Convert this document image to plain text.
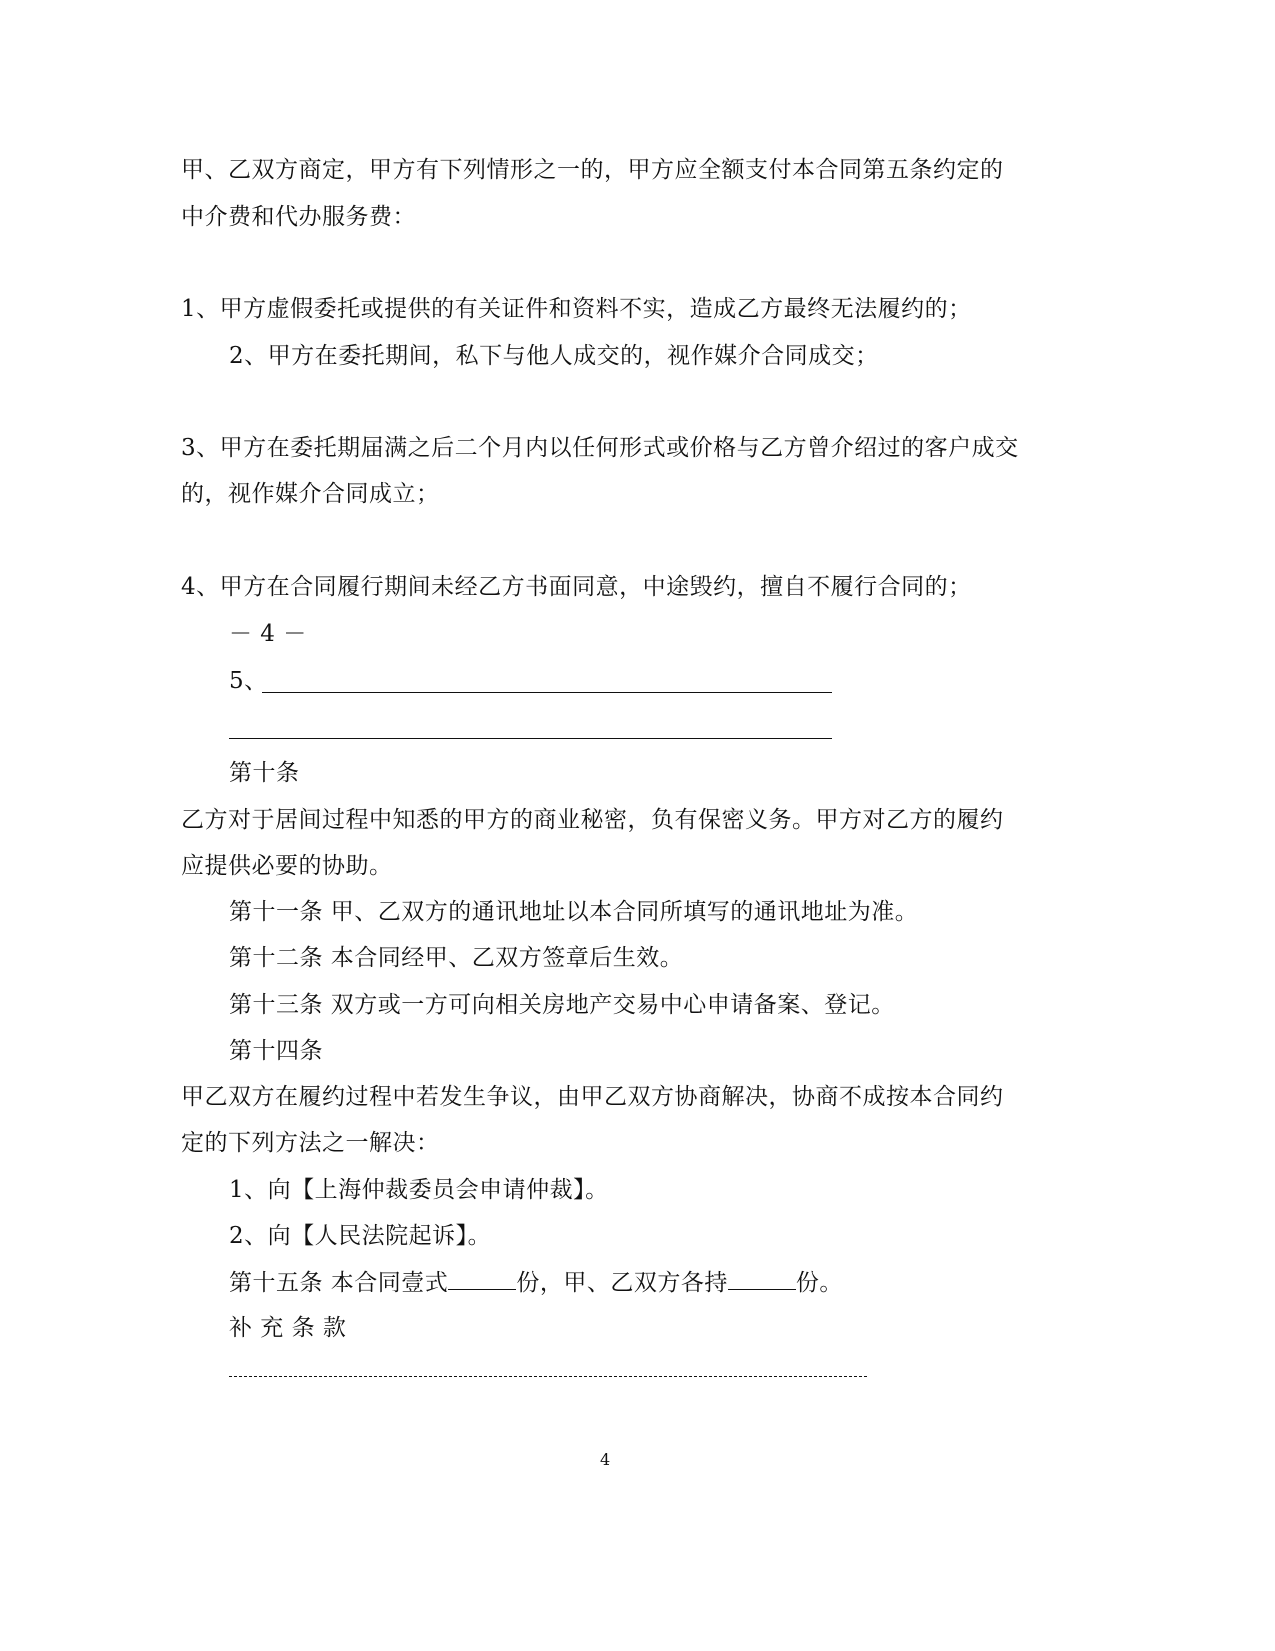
甲、乙双方商定，甲方有下列情形之一的，甲方应全额支付本合同第五条约定的
中介费和代办服务费：
1、甲方虚假委托或提供的有关证件和资料不实，造成乙方最终无法履约的；
2、甲方在委托期间，私下与他人成交的，视作媒介合同成交；
3、甲方在委托期届满之后二个月内以任何形式或价格与乙方曾介绍过的客户成交
的，视作媒介合同成立；
4、甲方在合同履行期间未经乙方书面同意，中途毁约，擅自不履行合同的；
－ 4 －
5、
第十条
乙方对于居间过程中知悉的甲方的商业秘密，负有保密义务。甲方对乙方的履约
应提供必要的协助。
第十一条 甲、乙双方的通讯地址以本合同所填写的通讯地址为准。
第十二条 本合同经甲、乙双方签章后生效。
第十三条 双方或一方可向相关房地产交易中心申请备案、登记。
第十四条
甲乙双方在履约过程中若发生争议，由甲乙双方协商解决，协商不成按本合同约
定的下列方法之一解决：
1、向【上海仲裁委员会申请仲裁】。
2、向【人民法院起诉】。
第十五条 本合同壹式	份，甲、乙双方各持	份。
补 充 条 款
4
